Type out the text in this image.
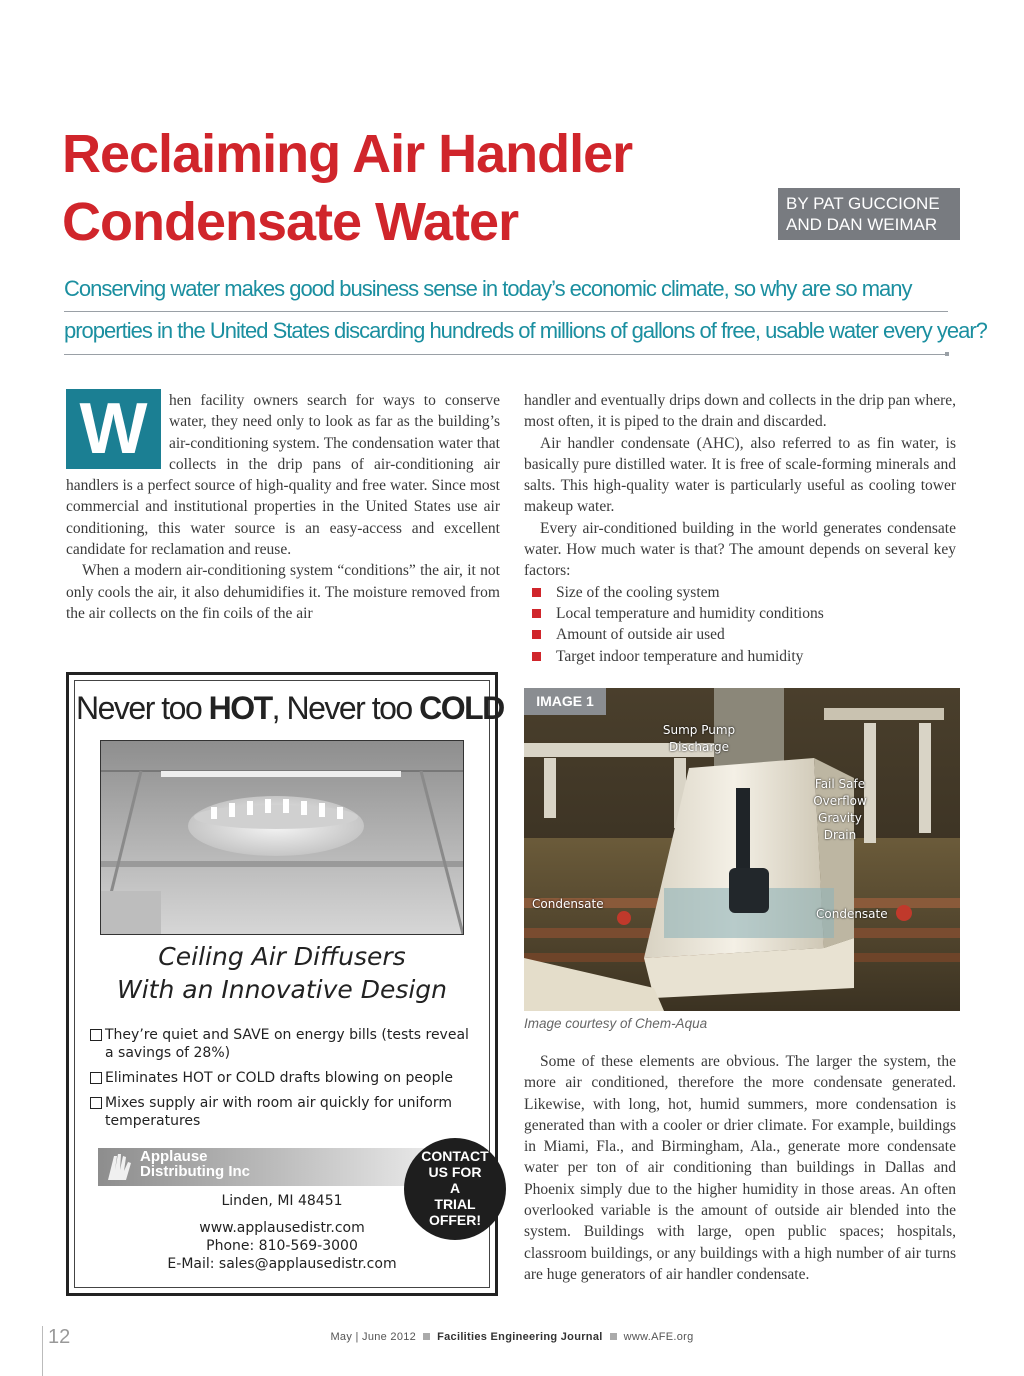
Reclaiming Air Handler
Condensate Water	BY PAT GUCCIONE
AND DAN WEIMAR
Conserving water makes good business sense in today’s economic climate, so why are so many
properties in the United States discarding hundreds of millions of gallons of free, usable water every year?
W	hen facility owners search for ways to conserve water, they need only to look as far as the building’s air-conditioning system. The condensation water that collects in the drip pans of air-conditioning air handlers is a perfect source of high-quality and free water. Since most commercial and institutional properties in the United States use air conditioning, this water source is an easy-access and excellent candidate for reclamation and reuse.

When a modern air-conditioning system “conditions” the air, it not only cools the air, it also dehumidifies it. The moisture removed from the air collects on the fin coils of the air

handler and eventually drips down and collects in the drip pan where, most often, it is piped to the drain and discarded.

Air handler condensate (AHC), also referred to as fin water, is basically pure distilled water. It is free of scale-forming minerals and salts. This high-quality water is particularly useful as cooling tower makeup water.

Every air-conditioned building in the world generates condensate water. How much water is that? The amount depends on several key factors:

Size of the cooling system
Local temperature and humidity conditions
Amount of outside air used
Target indoor temperature and humidity
IMAGE 1
Sump Pump
Discharge
Fail Safe
Overflow
Gravity
Drain
Condensate
Condensate
Image courtesy of Chem-Aqua

Some of these elements are obvious. The larger the system, the more air conditioned, therefore the more condensate generated. Likewise, with long, hot, humid summers, more condensation is generated than with a cooler or drier climate. For example, buildings in Miami, Fla., and Birmingham, Ala., generate more condensate water per ton of air conditioning than buildings in Dallas and Phoenix simply due to the higher humidity in those areas. An often overlooked variable is the amount of outside air blended into the system. Buildings with large, open public spaces; hospitals, classroom buildings, or any buildings with a high number of air turns are huge generators of air handler condensate.

Never too HOT, Never too COLD
Ceiling Air Diffusers
With an Innovative Design
They’re quiet and SAVE on energy bills (tests reveal a savings of 28%)
Eliminates HOT or COLD drafts blowing on people
Mixes supply air with room air quickly for uniform temperatures
Applause
Distributing Inc
Linden, MI 48451
www.applausedistr.com
Phone: 810-569-3000
E-Mail: sales@applausedistr.com
CONTACT
US FOR
A
TRIAL
OFFER!
12	May | June 2012 Facilities Engineering Journal www.AFE.org
